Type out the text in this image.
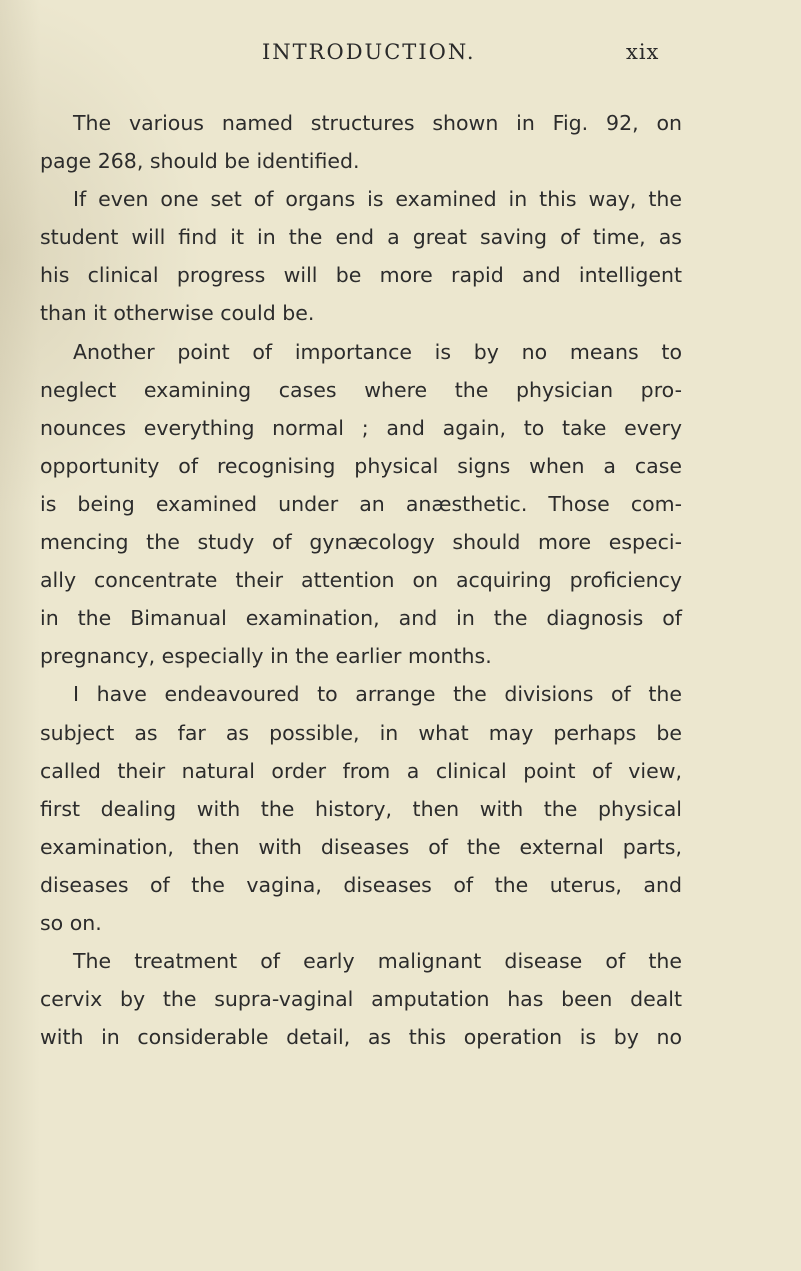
INTRODUCTION.	xix
The various named structures shown in Fig. 92, on
page 268, should be identified.
If even one set of organs is examined in this way, the
student will find it in the end a great saving of time, as
his clinical progress will be more rapid and intelligent
than it otherwise could be.
Another point of importance is by no means to
neglect examining cases where the physician pro-
nounces everything normal ; and again, to take every
opportunity of recognising physical signs when a case
is being examined under an anæsthetic. Those com-
mencing the study of gynæcology should more especi-
ally concentrate their attention on acquiring proficiency
in the Bimanual examination, and in the diagnosis of
pregnancy, especially in the earlier months.
I have endeavoured to arrange the divisions of the
subject as far as possible, in what may perhaps be
called their natural order from a clinical point of view,
first dealing with the history, then with the physical
examination, then with diseases of the external parts,
diseases of the vagina, diseases of the uterus, and
so on.
The treatment of early malignant disease of the
cervix by the supra-vaginal amputation has been dealt
with in considerable detail, as this operation is by no
